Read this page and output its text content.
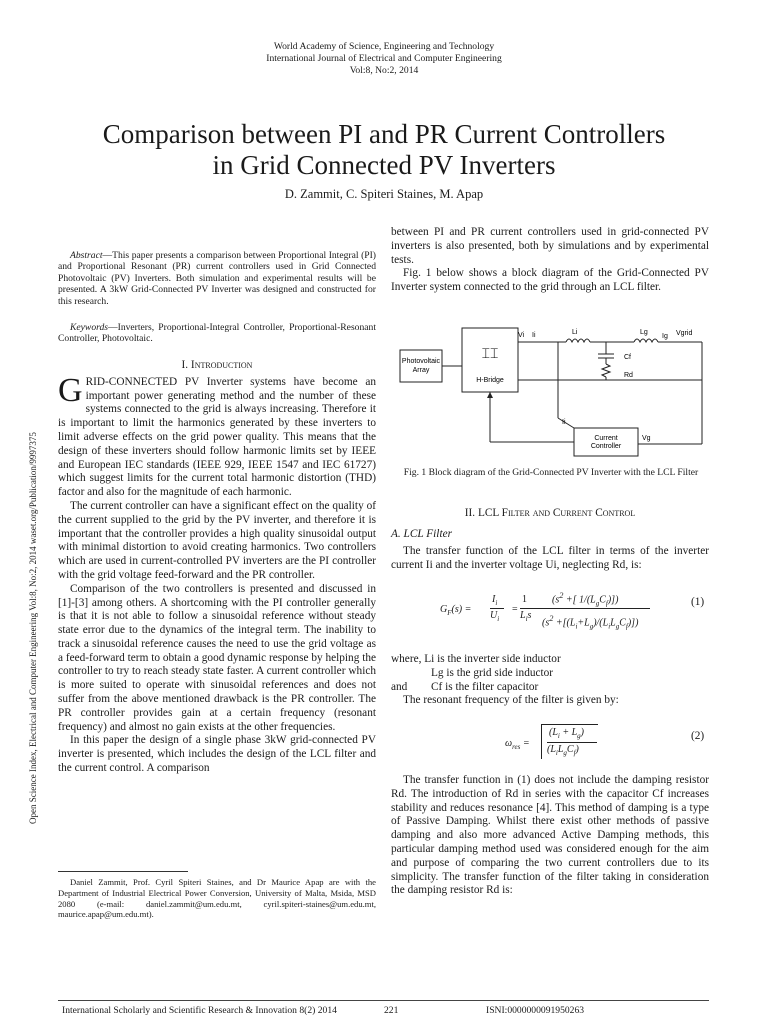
World Academy of Science, Engineering and Technology
International Journal of Electrical and Computer Engineering
Vol:8, No:2, 2014
Comparison between PI and PR Current Controllers
in Grid Connected PV Inverters
D. Zammit, C. Spiteri Staines, M. Apap
Open Science Index, Electrical and Computer Engineering Vol:8, No:2, 2014 waset.org/Publication/9997375

Abstract—This paper presents a comparison between Proportional Integral (PI) and Proportional Resonant (PR) current controllers used in Grid Connected Photovoltaic (PV) Inverters. Both simulation and experimental results will be presented. A 3kW Grid-Connected PV Inverter was designed and constructed for this research.

Keywords—Inverters, Proportional-Integral Controller, Proportional-Resonant Controller, Photovoltaic.

I. Introduction

GRID-CONNECTED PV Inverter systems have become an important power generating method and the number of these systems connected to the grid is always increasing. Therefore it is important to limit the harmonics generated by these inverters to limit adverse effects on the grid power quality. This means that the design of these inverters should follow harmonic limits set by IEEE and European IEC standards (IEEE 929, IEEE 1547 and IEC 61727) which suggest limits for the current total harmonic distortion (THD) factor and also for the magnitude of each harmonic.

The current controller can have a significant effect on the quality of the current supplied to the grid by the PV inverter, and therefore it is important that the controller provides a high quality sinusoidal output with minimal distortion to avoid creating harmonics. Two controllers which are used in current-controlled PV inverters are the PI controller with the grid voltage feed-forward and the PR controller.

Comparison of the two controllers is presented and discussed in [1]-[3] among others. A shortcoming with the PI controller generally is that it is not able to follow a sinusoidal reference without steady state error due to the dynamics of the integral term. The inability to track a sinusoidal reference causes the need to use the grid voltage as a feed-forward term to obtain a good dynamic response by helping the controller to try to reach steady state faster. A current controller which is more suited to operate with sinusoidal references and does not suffer from the above mentioned drawback is the PR controller. The PR controller provides gain at a certain frequency (resonant frequency) and almost no gain exists at the other frequencies.

In this paper the design of a single phase 3kW grid-connected PV inverter is presented, which includes the design of the LCL filter and the current control. A comparison

Daniel Zammit, Prof. Cyril Spiteri Staines, and Dr Maurice Apap are with the Department of Industrial Electrical Power Conversion, University of Malta, Msida, MSD 2080 (e-mail: daniel.zammit@um.edu.mt, cyril.spiteri-staines@um.edu.mt, maurice.apap@um.edu.mt).

between PI and PR current controllers used in grid-connected PV inverters is also presented, both by simulations and by experimental tests.

Fig. 1 below shows a block diagram of the Grid-Connected PV Inverter system connected to the grid through an LCL filter.

Photovoltaic
Array
⌶⌶
H-Bridge
Current
Controller
Vi Ii	Li	Lg
Ig Vgrid
Cf
Rd
Ii
Vg
Fig. 1 Block diagram of the Grid-Connected PV Inverter with the LCL Filter
II. LCL Filter and Current Control
A. LCL Filter

The transfer function of the LCL filter in terms of the inverter current Ii and the inverter voltage Ui, neglecting Rd, is:

$G_F(s)$ =
$I_i$
$U_i$
=
1
$L_is$
($s^2$ +[ $1/(L_gC_f)$])
$(s^2 +[(L_i+L_g)/(L_iL_gC_f)])$
(1)

where, Li is the inverter side inductor

Lg is the grid side inductor

and Cf is the filter capacitor

The resonant frequency of the filter is given by:

$\omega_{res}$ =
$(L_i + L_g)$
$(L_iL_gC_f)$
(2)

The transfer function in (1) does not include the damping resistor Rd. The introduction of Rd in series with the capacitor Cf increases stability and reduces resonance [4]. This method of damping is a type of Passive Damping. Whilst there exist other methods of passive damping and also more advanced Active Damping methods, this particular damping method used was considered enough for the aim and purpose of comparing the two current controllers due to its simplicity. The transfer function of the filter taking in consideration the damping resistor Rd is:

International Scholarly and Scientific Research & Innovation 8(2) 2014	221	ISNI:0000000091950263
